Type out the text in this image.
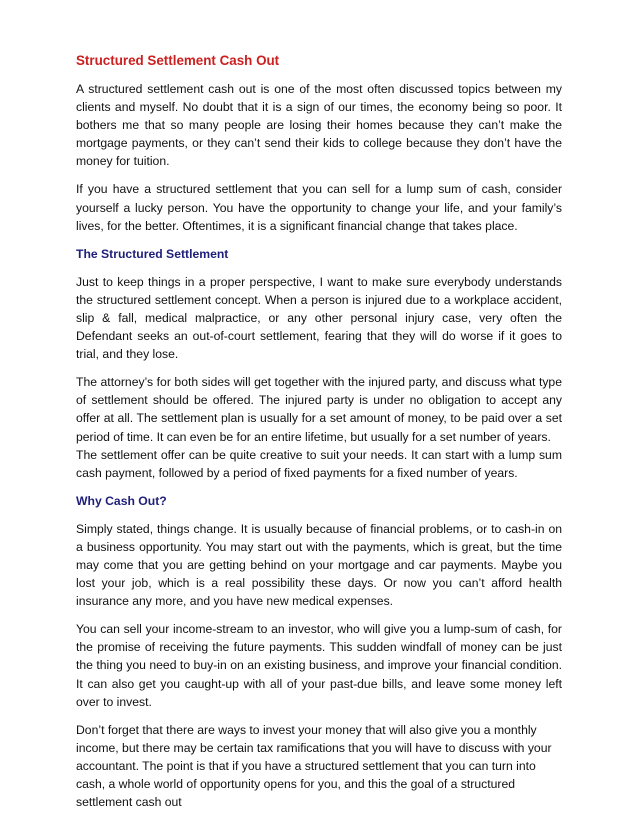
Structured Settlement Cash Out

A structured settlement cash out is one of the most often discussed topics between my clients and myself. No doubt that it is a sign of our times, the economy being so poor. It bothers me that so many people are losing their homes because they can’t make the mortgage payments, or they can’t send their kids to college because they don’t have the money for tuition.

If you have a structured settlement that you can sell for a lump sum of cash, consider yourself a lucky person. You have the opportunity to change your life, and your family’s lives, for the better. Oftentimes, it is a significant financial change that takes place.

The Structured Settlement

Just to keep things in a proper perspective, I want to make sure everybody understands the structured settlement concept. When a person is injured due to a workplace accident, slip & fall, medical malpractice, or any other personal injury case, very often the Defendant seeks an out-of-court settlement, fearing that they will do worse if it goes to trial, and they lose.

The attorney’s for both sides will get together with the injured party, and discuss what type of settlement should be offered. The injured party is under no obligation to accept any offer at all. The settlement plan is usually for a set amount of money, to be paid over a set period of time. It can even be for an entire lifetime, but usually for a set number of years.

The settlement offer can be quite creative to suit your needs. It can start with a lump sum cash payment, followed by a period of fixed payments for a fixed number of years.

Why Cash Out?

Simply stated, things change. It is usually because of financial problems, or to cash-in on a business opportunity. You may start out with the payments, which is great, but the time may come that you are getting behind on your mortgage and car payments. Maybe you lost your job, which is a real possibility these days. Or now you can’t afford health insurance any more, and you have new medical expenses.

You can sell your income-stream to an investor, who will give you a lump-sum of cash, for the promise of receiving the future payments. This sudden windfall of money can be just the thing you need to buy-in on an existing business, and improve your financial condition. It can also get you caught-up with all of your past-due bills, and leave some money left over to invest.

Don’t forget that there are ways to invest your money that will also give you a monthly income, but there may be certain tax ramifications that you will have to discuss with your accountant. The point is that if you have a structured settlement that you can turn into cash, a whole world of opportunity opens for you, and this the goal of a structured settlement cash out
